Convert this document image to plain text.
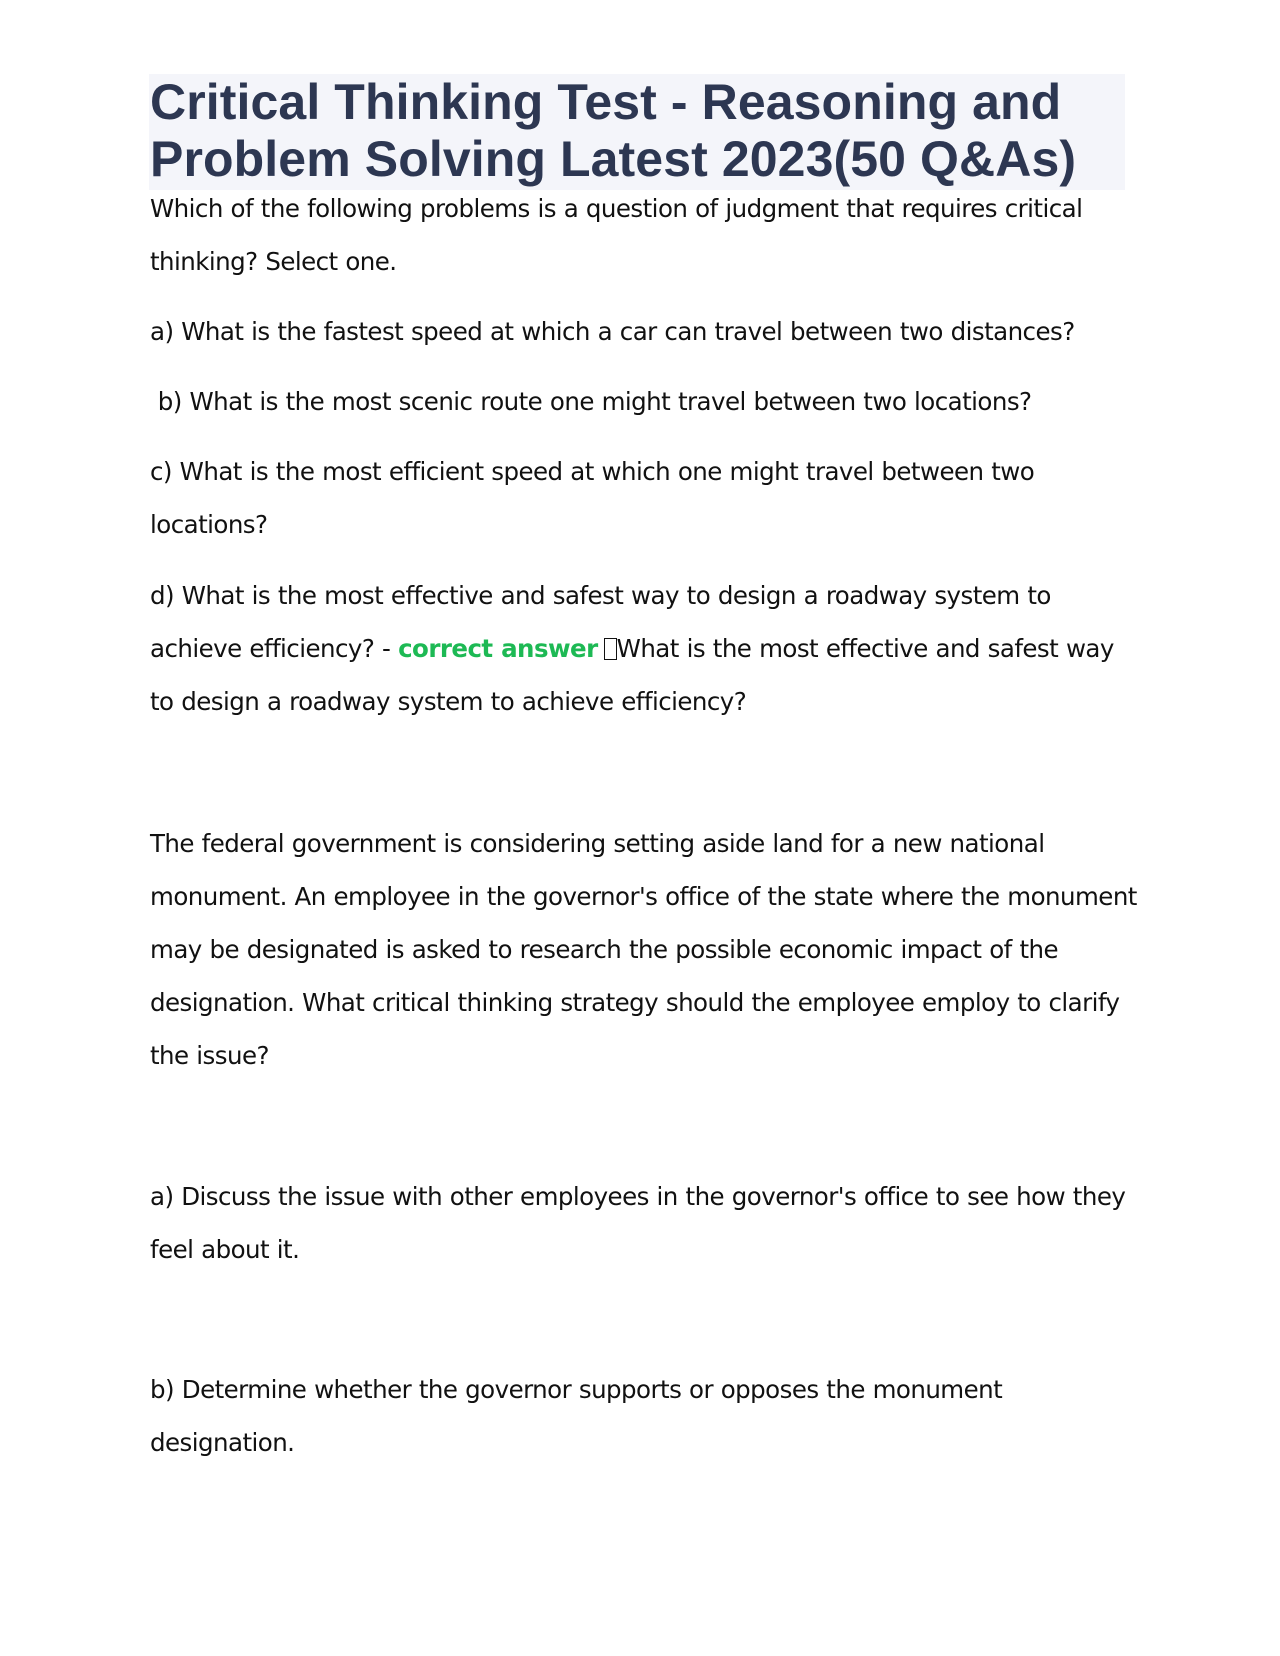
Critical Thinking Test - Reasoning and Problem Solving Latest 2023(50 Q&As)

Which of the following problems is a question of judgment that requires critical thinking? Select one.

a) What is the fastest speed at which a car can travel between two distances?

b) What is the most scenic route one might travel between two locations?

c) What is the most efficient speed at which one might travel between two locations?

d) What is the most effective and safest way to design a roadway system to achieve efficiency? - correct answer What is the most effective and safest way to design a roadway system to achieve efficiency?

The federal government is considering setting aside land for a new national monument. An employee in the governor's office of the state where the monument may be designated is asked to research the possible economic impact of the designation. What critical thinking strategy should the employee employ to clarify the issue?

a) Discuss the issue with other employees in the governor's office to see how they feel about it.

b) Determine whether the governor supports or opposes the monument designation.
